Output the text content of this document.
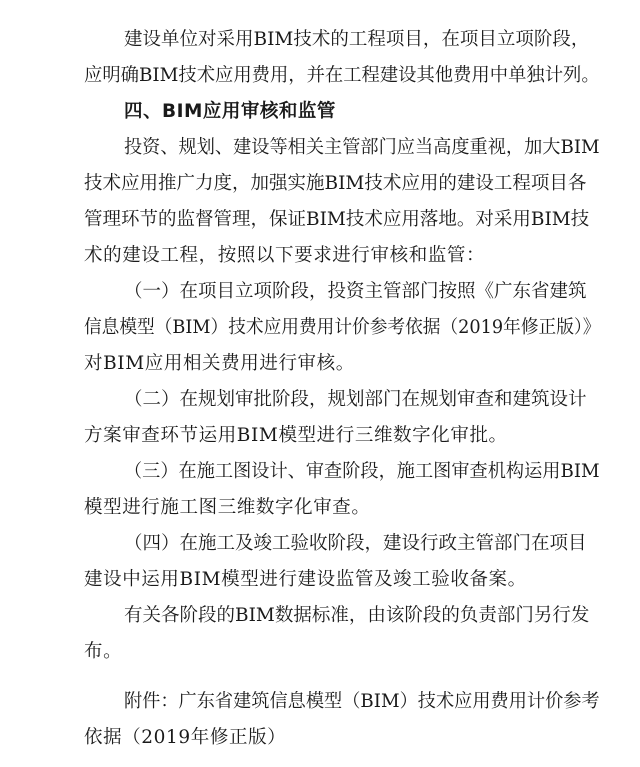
建设单位对采用BIM技术的工程项目，在项目立项阶段，
应明确BIM技术应用费用，并在工程建设其他费用中单独计列。
四、BIM应用审核和监管
投资、规划、建设等相关主管部门应当高度重视，加大BIM
技术应用推广力度，加强实施BIM技术应用的建设工程项目各
管理环节的监督管理，保证BIM技术应用落地。对采用BIM技
术的建设工程，按照以下要求进行审核和监管：
（一）在项目立项阶段，投资主管部门按照《广东省建筑
信息模型（BIM）技术应用费用计价参考依据（2019年修正版）》
对BIM应用相关费用进行审核。
（二）在规划审批阶段，规划部门在规划审查和建筑设计
方案审查环节运用BIM模型进行三维数字化审批。
（三）在施工图设计、审查阶段，施工图审查机构运用BIM
模型进行施工图三维数字化审查。
（四）在施工及竣工验收阶段，建设行政主管部门在项目
建设中运用BIM模型进行建设监管及竣工验收备案。
有关各阶段的BIM数据标准，由该阶段的负责部门另行发
布。
附件：广东省建筑信息模型（BIM）技术应用费用计价参考
依据（2019年修正版）
